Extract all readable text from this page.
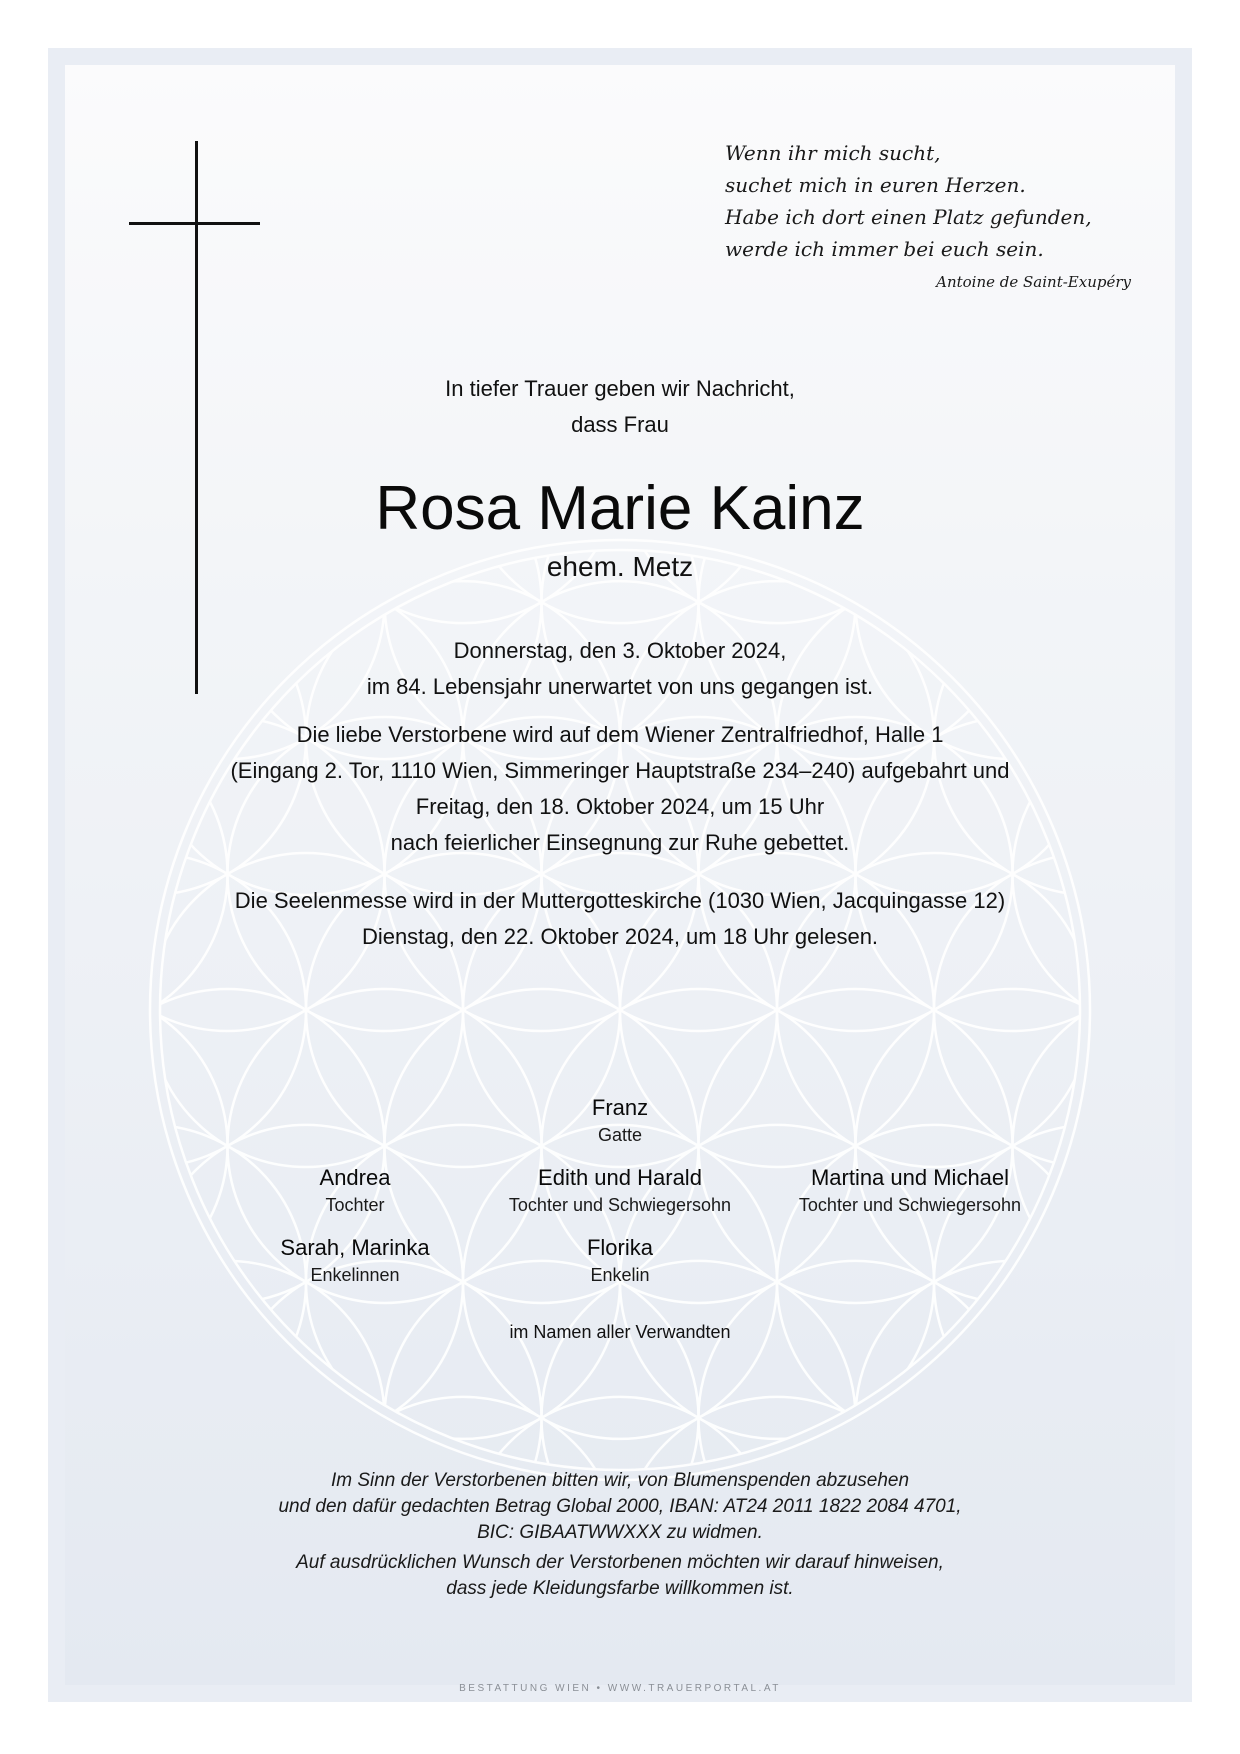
Wenn ihr mich sucht,
suchet mich in euren Herzen.
Habe ich dort einen Platz gefunden,
werde ich immer bei euch sein.
Antoine de Saint-Exupéry
In tiefer Trauer geben wir Nachricht,
dass Frau
Rosa Marie Kainz
ehem. Metz
Donnerstag, den 3. Oktober 2024,
im 84. Lebensjahr unerwartet von uns gegangen ist.
Die liebe Verstorbene wird auf dem Wiener Zentralfriedhof, Halle 1
(Eingang 2. Tor, 1110 Wien, Simmeringer Hauptstraße 234–240) aufgebahrt und
Freitag, den 18. Oktober 2024, um 15 Uhr
nach feierlicher Einsegnung zur Ruhe gebettet.
Die Seelenmesse wird in der Muttergotteskirche (1030 Wien, Jacquingasse 12)
Dienstag, den 22. Oktober 2024, um 18 Uhr gelesen.
Franz
Gatte
Andrea
Tochter
Edith und Harald
Tochter und Schwiegersohn
Martina und Michael
Tochter und Schwiegersohn
Sarah, Marinka
Enkelinnen
Florika
Enkelin
im Namen aller Verwandten
Im Sinn der Verstorbenen bitten wir, von Blumenspenden abzusehen
und den dafür gedachten Betrag Global 2000, IBAN: AT24 2011 1822 2084 4701,
BIC: GIBAATWWXXX zu widmen.
Auf ausdrücklichen Wunsch der Verstorbenen möchten wir darauf hinweisen,
dass jede Kleidungsfarbe willkommen ist.
BESTATTUNG WIEN • WWW.TRAUERPORTAL.AT
